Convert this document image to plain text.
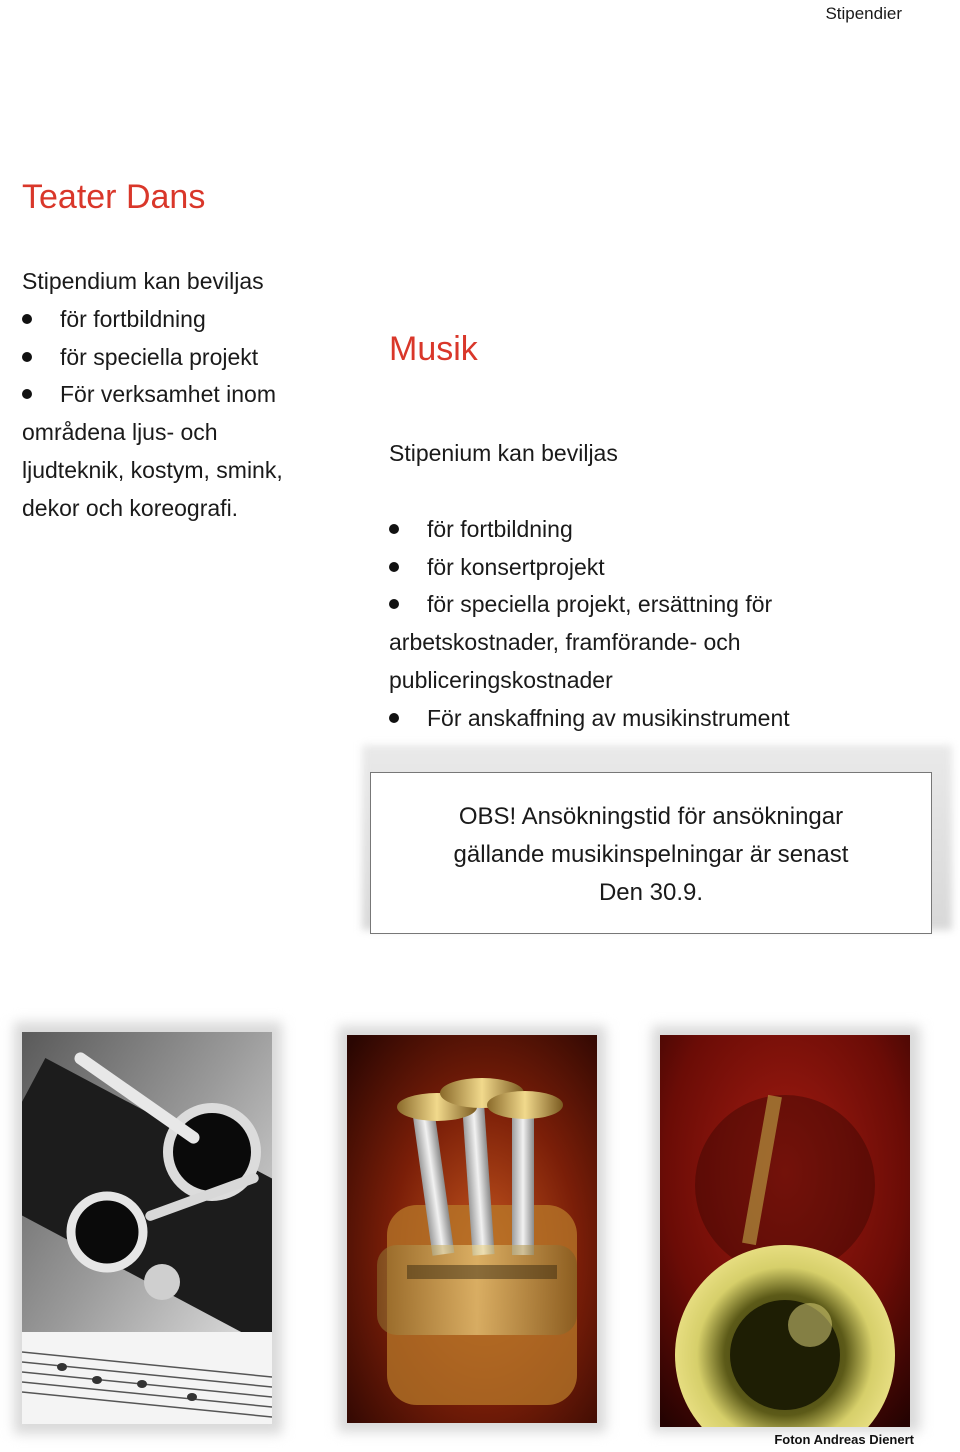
Stipendier
Teater Dans
Stipendium kan beviljas
för fortbildning
för speciella projekt
För verksamhet inom
områdena ljus- och
ljudteknik, kostym, smink,
dekor och koreografi.
Musik
Stipenium kan beviljas
för fortbildning
för konsertprojekt
för speciella projekt, ersättning för
arbetskostnader, framförande- och
publiceringskostnader
För anskaffning av musikinstrument
OBS! Ansökningstid för ansökningar
gällande musikinspelningar är senast
Den 30.9.
Foton Andreas Dienert
